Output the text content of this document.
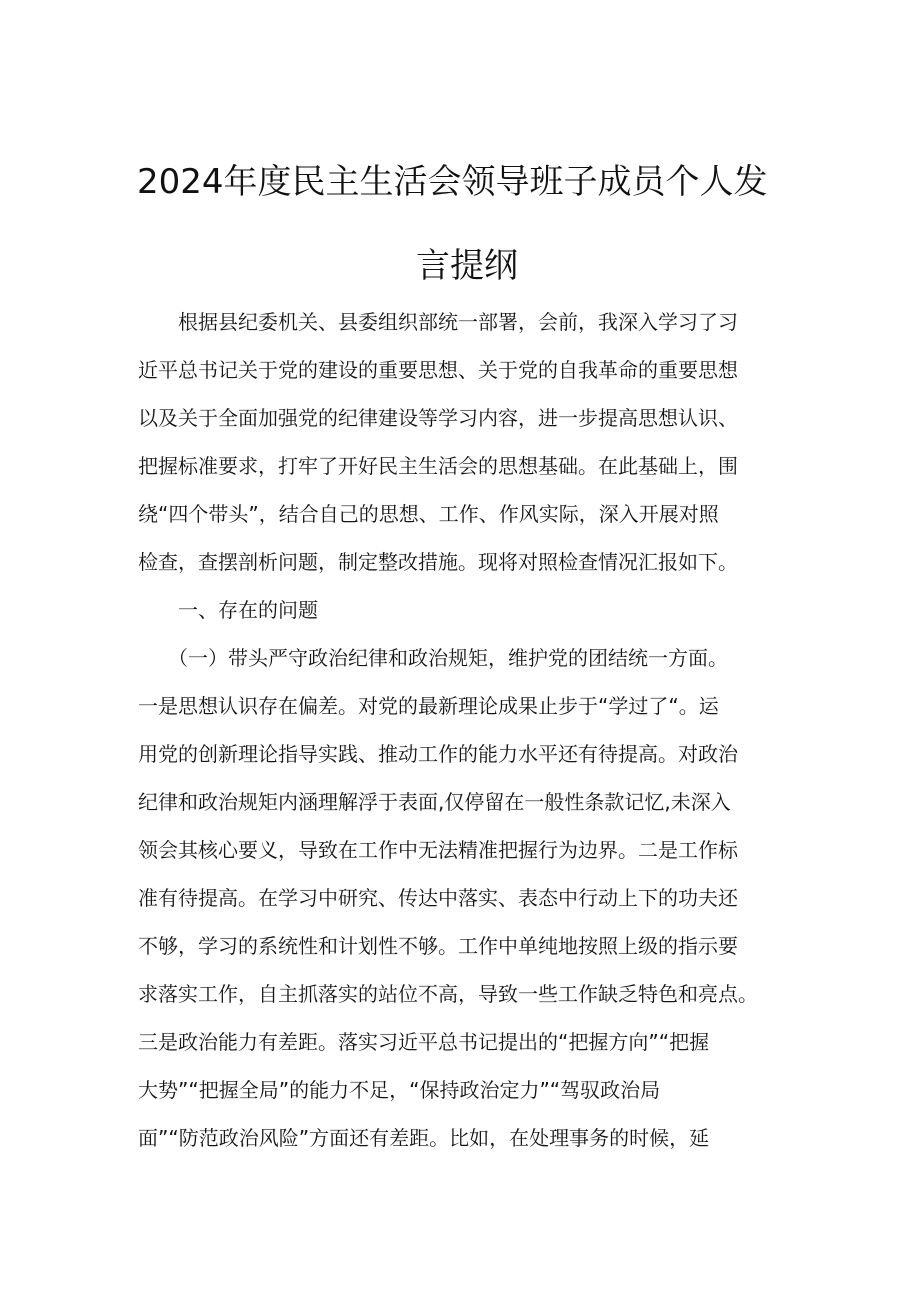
2024年度民主生活会领导班子成员个人发
言提纲
　　根据县纪委机关、县委组织部统一部署，会前，我深入学习了习
近平总书记关于党的建设的重要思想、关于党的自我革命的重要思想
以及关于全面加强党的纪律建设等学习内容，进一步提高思想认识、
把握标准要求，打牢了开好民主生活会的思想基础。在此基础上，围
绕“四个带头”，结合自己的思想、工作、作风实际，深入开展对照
检查，查摆剖析问题，制定整改措施。现将对照检查情况汇报如下。
　　一、存在的问题
　　（一）带头严守政治纪律和政治规矩，维护党的团结统一方面。
一是思想认识存在偏差。对党的最新理论成果止步于“学过了“。运
用党的创新理论指导实践、推动工作的能力水平还有待提高。对政治
纪律和政治规矩内涵理解浮于表面,仅停留在一般性条款记忆,未深入
领会其核心要义，导致在工作中无法精准把握行为边界。二是工作标
准有待提高。在学习中研究、传达中落实、表态中行动上下的功夫还
不够，学习的系统性和计划性不够。工作中单纯地按照上级的指示要
求落实工作，自主抓落实的站位不高，导致一些工作缺乏特色和亮点。
三是政治能力有差距。落实习近平总书记提出的“把握方向”“把握
大势”“把握全局”的能力不足，“保持政治定力”“驾驭政治局
面”“防范政治风险”方面还有差距。比如，在处理事务的时候，延
